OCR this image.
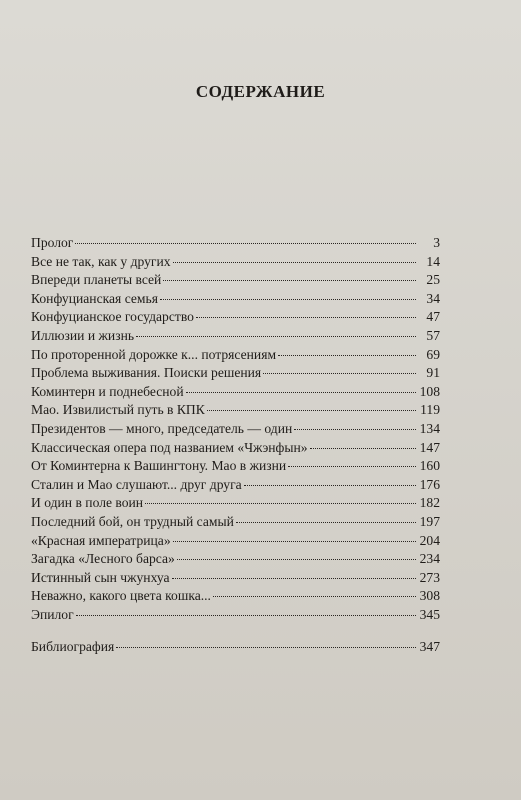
СОДЕРЖАНИЕ
Пролог	3
Все не так, как у других	14
Впереди планеты всей	25
Конфуцианская семья	34
Конфуцианское государство	47
Иллюзии и жизнь	57
По проторенной дорожке к... потрясениям	69
Проблема выживания. Поиски решения	91
Коминтерн и поднебесной	108
Мао. Извилистый путь в КПК	119
Президентов — много, председатель — один	134
Классическая опера под названием «Чжэнфын»	147
От Коминтерна к Вашингтону. Мао в жизни	160
Сталин и Мао слушают... друг друга	176
И один в поле воин	182
Последний бой, он трудный самый	197
«Красная императрица»	204
Загадка «Лесного барса»	234
Истинный сын чжунхуа	273
Неважно, какого цвета кошка...	308
Эпилог	345
Библиография	347
